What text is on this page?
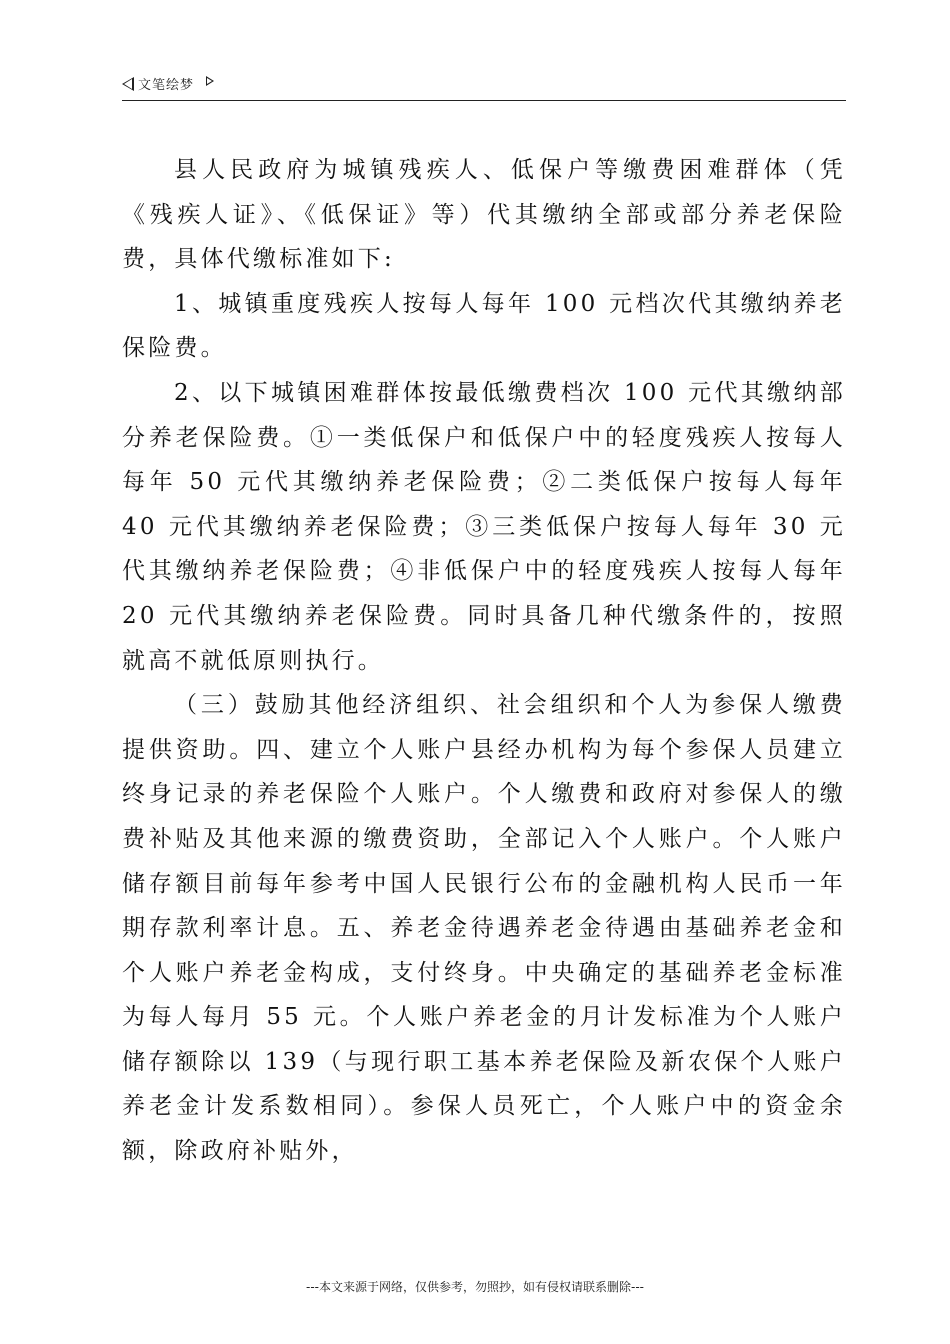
文笔绘梦

县人民政府为城镇残疾人、低保户等缴费困难群体（凭《残疾人证》、《低保证》等）代其缴纳全部或部分养老保险费，具体代缴标准如下:

1、城镇重度残疾人按每人每年 100 元档次代其缴纳养老保险费。

2、以下城镇困难群体按最低缴费档次 100 元代其缴纳部分养老保险费。①一类低保户和低保户中的轻度残疾人按每人每年 50 元代其缴纳养老保险费；②二类低保户按每人每年 40 元代其缴纳养老保险费；③三类低保户按每人每年 30 元代其缴纳养老保险费；④非低保户中的轻度残疾人按每人每年 20 元代其缴纳养老保险费。同时具备几种代缴条件的，按照就高不就低原则执行。

（三）鼓励其他经济组织、社会组织和个人为参保人缴费提供资助。四、建立个人账户县经办机构为每个参保人员建立终身记录的养老保险个人账户。个人缴费和政府对参保人的缴费补贴及其他来源的缴费资助，全部记入个人账户。个人账户储存额目前每年参考中国人民银行公布的金融机构人民币一年期存款利率计息。五、养老金待遇养老金待遇由基础养老金和个人账户养老金构成，支付终身。中央确定的基础养老金标准为每人每月 55 元。个人账户养老金的月计发标准为个人账户储存额除以 139（与现行职工基本养老保险及新农保个人账户养老金计发系数相同）。参保人员死亡，个人账户中的资金余额，除政府补贴外，

---本文来源于网络，仅供参考，勿照抄，如有侵权请联系删除---
